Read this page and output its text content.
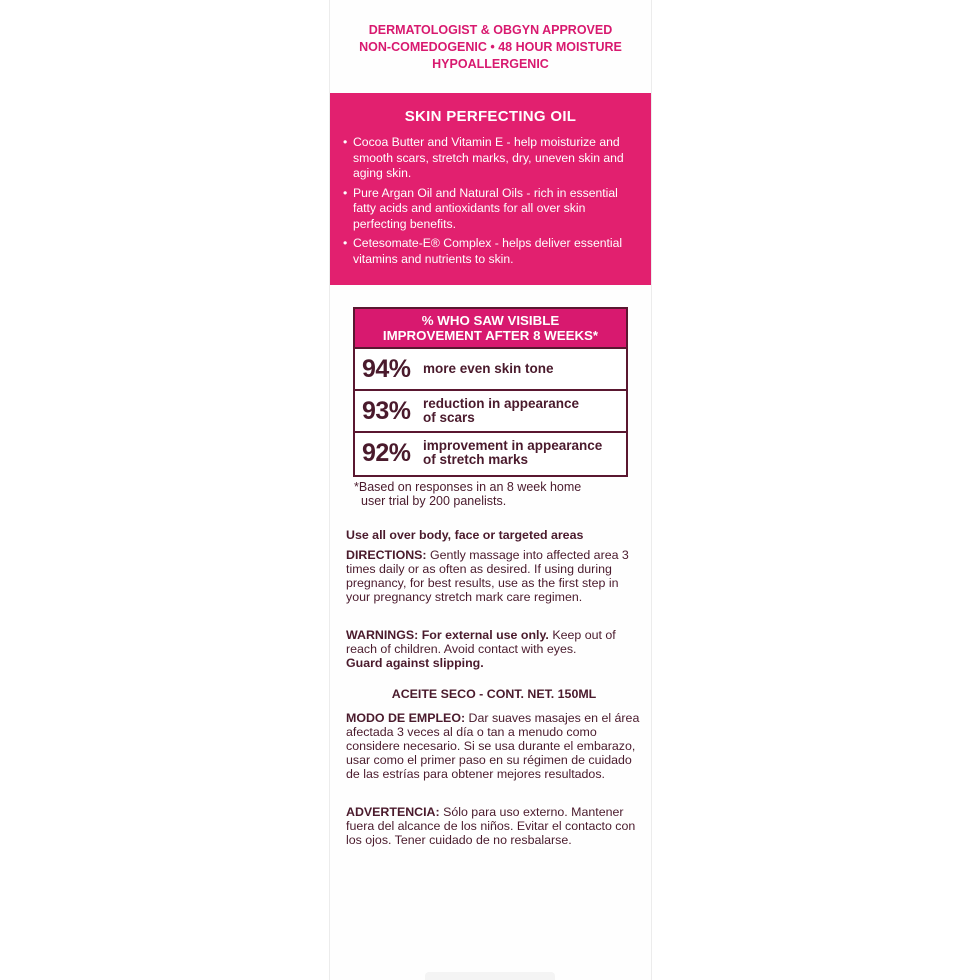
DERMATOLOGIST & OBGYN APPROVED
NON-COMEDOGENIC • 48 HOUR MOISTURE
HYPOALLERGENIC
SKIN PERFECTING OIL
• Cocoa Butter and Vitamin E - help moisturize and smooth scars, stretch marks, dry, uneven skin and aging skin.
• Pure Argan Oil and Natural Oils - rich in essential fatty acids and antioxidants for all over skin perfecting benefits.
• Cetesomate-E® Complex - helps deliver essential vitamins and nutrients to skin.
% WHO SAW VISIBLE
IMPROVEMENT AFTER 8 WEEKS*
94% more even skin tone
93% reduction in appearance
of scars
92% improvement in appearance
of stretch marks
*Based on responses in an 8 week home
user trial by 200 panelists.
Use all over body, face or targeted areas
DIRECTIONS: Gently massage into affected area 3 times daily or as often as desired. If using during pregnancy, for best results, use as the first step in your pregnancy stretch mark care regimen.
WARNINGS: For external use only. Keep out of reach of children. Avoid contact with eyes.
Guard against slipping.
ACEITE SECO - CONT. NET. 150ML
MODO DE EMPLEO: Dar suaves masajes en el área afectada 3 veces al día o tan a menudo como considere necesario. Si se usa durante el embarazo, usar como el primer paso en su régimen de cuidado de las estrías para obtener mejores resultados.
ADVERTENCIA: Sólo para uso externo. Mantener fuera del alcance de los niños. Evitar el contacto con los ojos. Tener cuidado de no resbalarse.
